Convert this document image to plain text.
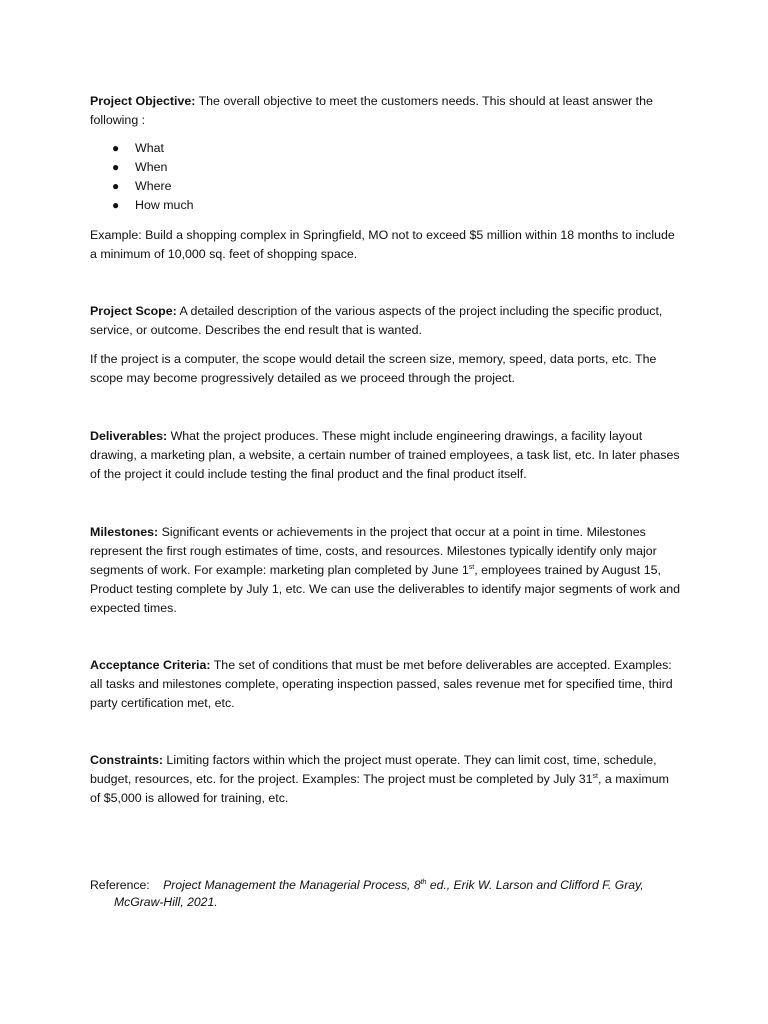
Project Objective: The overall objective to meet the customers needs. This should at least answer the following :

● What
● When
● Where
● How much

Example: Build a shopping complex in Springfield, MO not to exceed $5 million within 18 months to include a minimum of 10,000 sq. feet of shopping space.

Project Scope: A detailed description of the various aspects of the project including the specific product, service, or outcome. Describes the end result that is wanted.

If the project is a computer, the scope would detail the screen size, memory, speed, data ports, etc. The scope may become progressively detailed as we proceed through the project.

Deliverables: What the project produces. These might include engineering drawings, a facility layout drawing, a marketing plan, a website, a certain number of trained employees, a task list, etc. In later phases of the project it could include testing the final product and the final product itself.

Milestones: Significant events or achievements in the project that occur at a point in time. Milestones represent the first rough estimates of time, costs, and resources. Milestones typically identify only major segments of work. For example: marketing plan completed by June 1st, employees trained by August 15, Product testing complete by July 1, etc. We can use the deliverables to identify major segments of work and expected times.

Acceptance Criteria: The set of conditions that must be met before deliverables are accepted. Examples: all tasks and milestones complete, operating inspection passed, sales revenue met for specified time, third party certification met, etc.

Constraints: Limiting factors within which the project must operate. They can limit cost, time, schedule, budget, resources, etc. for the project. Examples: The project must be completed by July 31st, a maximum of $5,000 is allowed for training, etc.

Reference: Project Management the Managerial Process, 8th ed., Erik W. Larson and Clifford F. Gray,
McGraw-Hill, 2021.
